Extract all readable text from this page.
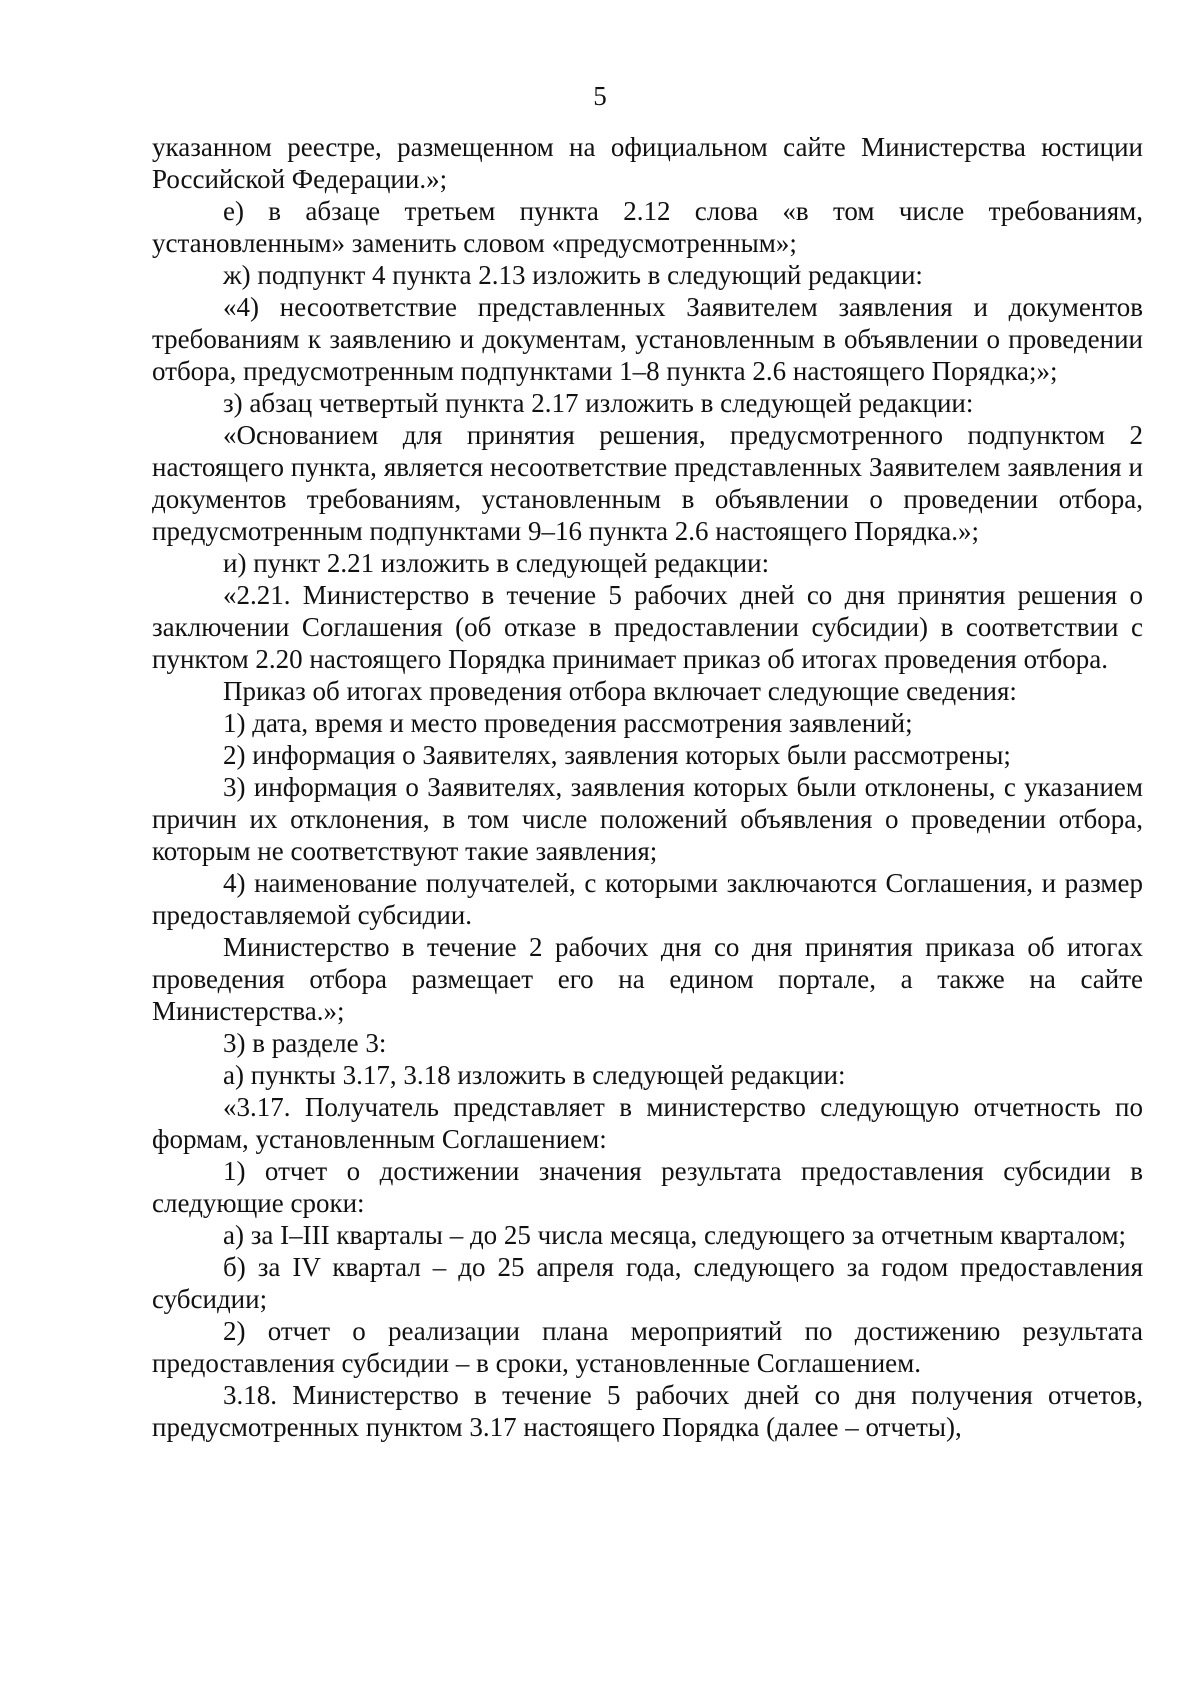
5

указанном реестре, размещенном на официальном сайте Министерства юстиции Российской Федерации.»;

е) в абзаце третьем пункта 2.12 слова «в том числе требованиям, установленным» заменить словом «предусмотренным»;

ж) подпункт 4 пункта 2.13 изложить в следующий редакции:

«4) несоответствие представленных Заявителем заявления и документов требованиям к заявлению и документам, установленным в объявлении о проведении отбора, предусмотренным подпунктами 1–8 пункта 2.6 настоящего Порядка;»;

з) абзац четвертый пункта 2.17 изложить в следующей редакции:

«Основанием для принятия решения, предусмотренного подпунктом 2 настоящего пункта, является несоответствие представленных Заявителем заявления и документов требованиям, установленным в объявлении о проведении отбора, предусмотренным подпунктами 9–16 пункта 2.6 настоящего Порядка.»;

и) пункт 2.21 изложить в следующей редакции:

«2.21. Министерство в течение 5 рабочих дней со дня принятия решения о заключении Соглашения (об отказе в предоставлении субсидии) в соответствии с пунктом 2.20 настоящего Порядка принимает приказ об итогах проведения отбора.

Приказ об итогах проведения отбора включает следующие сведения:

1) дата, время и место проведения рассмотрения заявлений;

2) информация о Заявителях, заявления которых были рассмотрены;

3) информация о Заявителях, заявления которых были отклонены, с указанием причин их отклонения, в том числе положений объявления о проведении отбора, которым не соответствуют такие заявления;

4) наименование получателей, с которыми заключаются Соглашения, и размер предоставляемой субсидии.

Министерство в течение 2 рабочих дня со дня принятия приказа об итогах проведения отбора размещает его на едином портале, а также на сайте Министерства.»;

3) в разделе 3:

а) пункты 3.17, 3.18 изложить в следующей редакции:

«3.17. Получатель представляет в министерство следующую отчетность по формам, установленным Соглашением:

1) отчет о достижении значения результата предоставления субсидии в следующие сроки:

а) за I–III кварталы – до 25 числа месяца, следующего за отчетным кварталом;

б) за IV квартал – до 25 апреля года, следующего за годом предоставления субсидии;

2) отчет о реализации плана мероприятий по достижению результата предоставления субсидии – в сроки, установленные Соглашением.

3.18. Министерство в течение 5 рабочих дней со дня получения отчетов, предусмотренных пунктом 3.17 настоящего Порядка (далее – отчеты),
